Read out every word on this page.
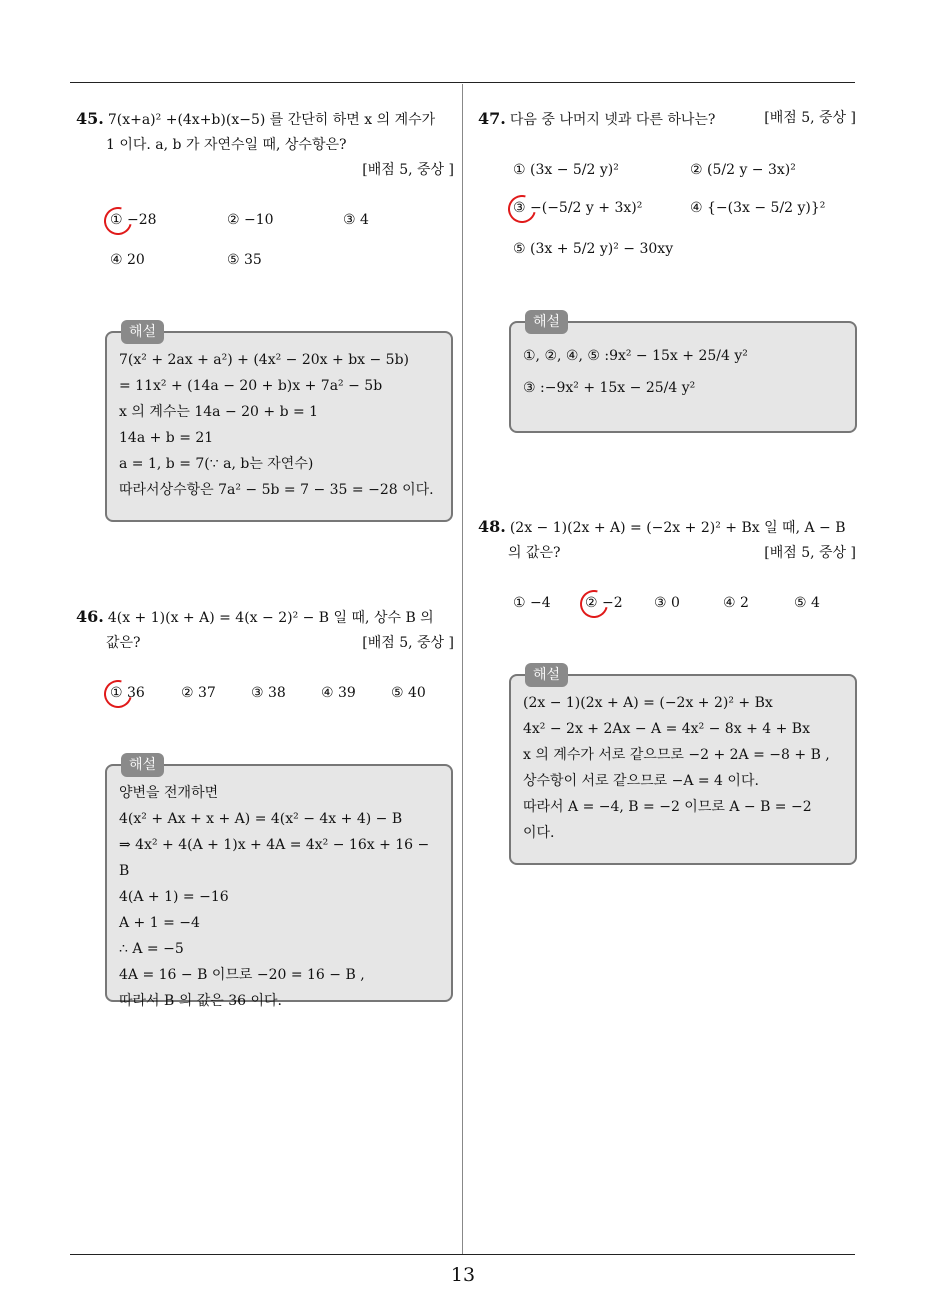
45. 7(x+a)² +(4x+b)(x−5) 를 간단히 하면 x 의 계수가
1 이다. a, b 가 자연수일 때, 상수항은?
[배점 5, 중상 ]
① −28	② −10	③ 4
④ 20	⑤ 35
해설
7(x² + 2ax + a²) + (4x² − 20x + bx − 5b)
= 11x² + (14a − 20 + b)x + 7a² − 5b
x 의 계수는 14a − 20 + b = 1
14a + b = 21
a = 1, b = 7(∵ a, b는 자연수)
따라서상수항은 7a² − 5b = 7 − 35 = −28 이다.
46. 4(x + 1)(x + A) = 4(x − 2)² − B 일 때, 상수 B 의
값은?	[배점 5, 중상 ]
① 36	② 37	③ 38	④ 39	⑤ 40
해설
양변을 전개하면
4(x² + Ax + x + A) = 4(x² − 4x + 4) − B
⇒ 4x² + 4(A + 1)x + 4A = 4x² − 16x + 16 − B
4(A + 1) = −16
A + 1 = −4
∴ A = −5
4A = 16 − B 이므로 −20 = 16 − B ,
따라서 B 의 값은 36 이다.
47. 다음 중 나머지 넷과 다른 하나는?	[배점 5, 중상 ]
① (3x − 5/2 y)²	② (5/2 y − 3x)²
③ −(−5/2 y + 3x)²	④ {−(3x − 5/2 y)}²
⑤ (3x + 5/2 y)² − 30xy
해설
①, ②, ④, ⑤ :9x² − 15x + 25/4 y²
③ :−9x² + 15x − 25/4 y²
48. (2x − 1)(2x + A) = (−2x + 2)² + Bx 일 때, A − B
의 값은?	[배점 5, 중상 ]
① −4 ② −2 ③ 0	④ 2	⑤ 4
해설
(2x − 1)(2x + A) = (−2x + 2)² + Bx
4x² − 2x + 2Ax − A = 4x² − 8x + 4 + Bx
x 의 계수가 서로 같으므로 −2 + 2A = −8 + B ,
상수항이 서로 같으므로 −A = 4 이다.
따라서 A = −4, B = −2 이므로 A − B = −2
이다.
13
